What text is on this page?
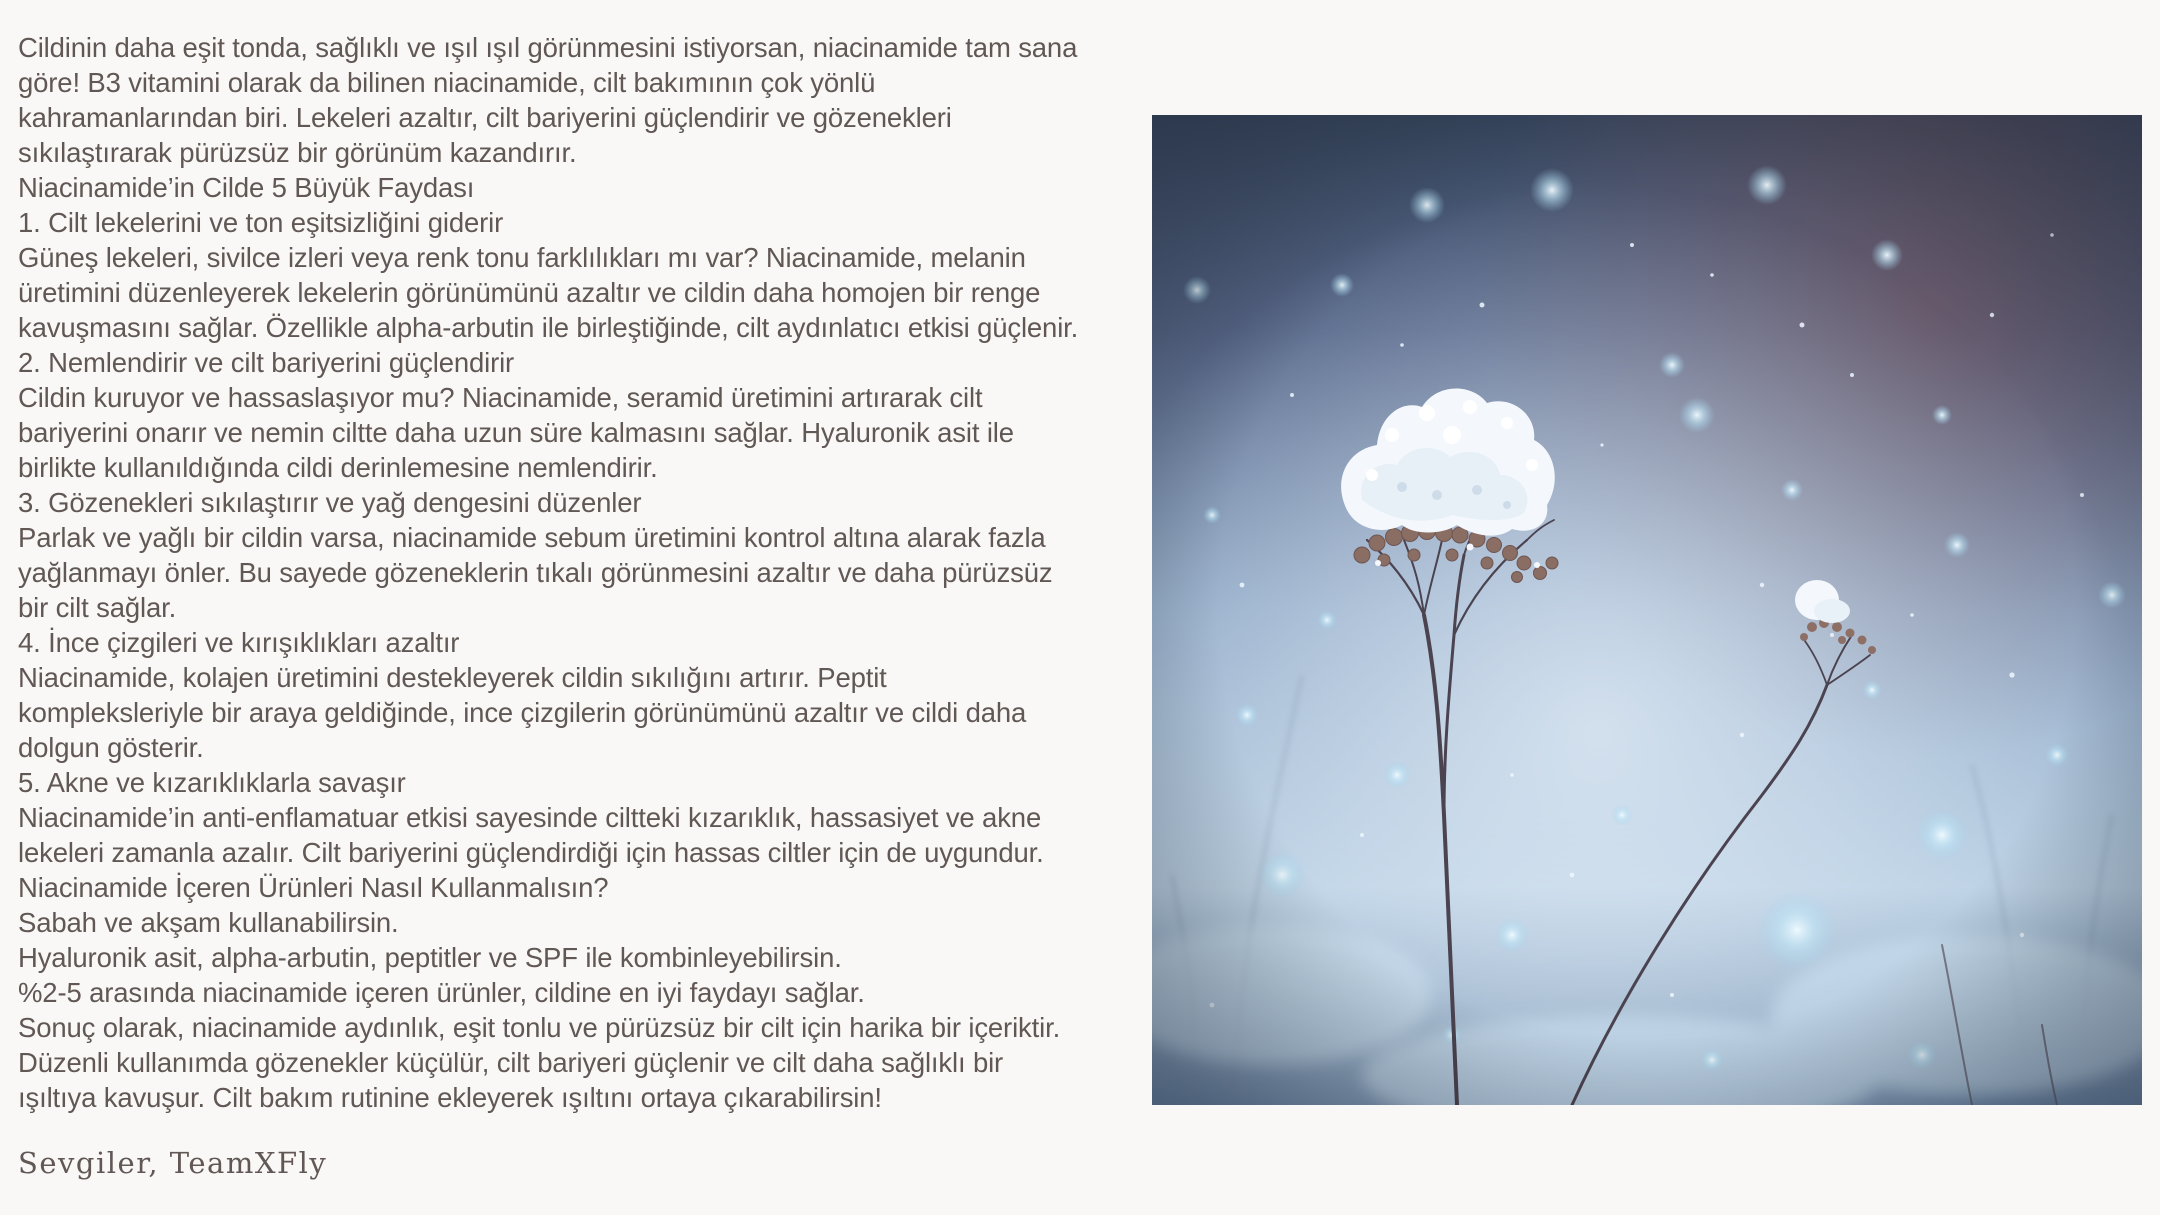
Cildinin daha eşit tonda, sağlıklı ve ışıl ışıl görünmesini istiyorsan, niacinamide tam sana
göre! B3 vitamini olarak da bilinen niacinamide, cilt bakımının çok yönlü
kahramanlarından biri. Lekeleri azaltır, cilt bariyerini güçlendirir ve gözenekleri
sıkılaştırarak pürüzsüz bir görünüm kazandırır.
Niacinamide’in Cilde 5 Büyük Faydası
1. Cilt lekelerini ve ton eşitsizliğini giderir
Güneş lekeleri, sivilce izleri veya renk tonu farklılıkları mı var? Niacinamide, melanin
üretimini düzenleyerek lekelerin görünümünü azaltır ve cildin daha homojen bir renge
kavuşmasını sağlar. Özellikle alpha-arbutin ile birleştiğinde, cilt aydınlatıcı etkisi güçlenir.
2. Nemlendirir ve cilt bariyerini güçlendirir
Cildin kuruyor ve hassaslaşıyor mu? Niacinamide, seramid üretimini artırarak cilt
bariyerini onarır ve nemin ciltte daha uzun süre kalmasını sağlar. Hyaluronik asit ile
birlikte kullanıldığında cildi derinlemesine nemlendirir.
3. Gözenekleri sıkılaştırır ve yağ dengesini düzenler
Parlak ve yağlı bir cildin varsa, niacinamide sebum üretimini kontrol altına alarak fazla
yağlanmayı önler. Bu sayede gözeneklerin tıkalı görünmesini azaltır ve daha pürüzsüz
bir cilt sağlar.
4. İnce çizgileri ve kırışıklıkları azaltır
Niacinamide, kolajen üretimini destekleyerek cildin sıkılığını artırır. Peptit
kompleksleriyle bir araya geldiğinde, ince çizgilerin görünümünü azaltır ve cildi daha
dolgun gösterir.
5. Akne ve kızarıklıklarla savaşır
Niacinamide’in anti-enflamatuar etkisi sayesinde ciltteki kızarıklık, hassasiyet ve akne
lekeleri zamanla azalır. Cilt bariyerini güçlendirdiği için hassas ciltler için de uygundur.
Niacinamide İçeren Ürünleri Nasıl Kullanmalısın?
Sabah ve akşam kullanabilirsin.
Hyaluronik asit, alpha-arbutin, peptitler ve SPF ile kombinleyebilirsin.
%2-5 arasında niacinamide içeren ürünler, cildine en iyi faydayı sağlar.
Sonuç olarak, niacinamide aydınlık, eşit tonlu ve pürüzsüz bir cilt için harika bir içeriktir.
Düzenli kullanımda gözenekler küçülür, cilt bariyeri güçlenir ve cilt daha sağlıklı bir
ışıltıya kavuşur. Cilt bakım rutinine ekleyerek ışıltını ortaya çıkarabilirsin!
Sevgiler, TeamXFly
